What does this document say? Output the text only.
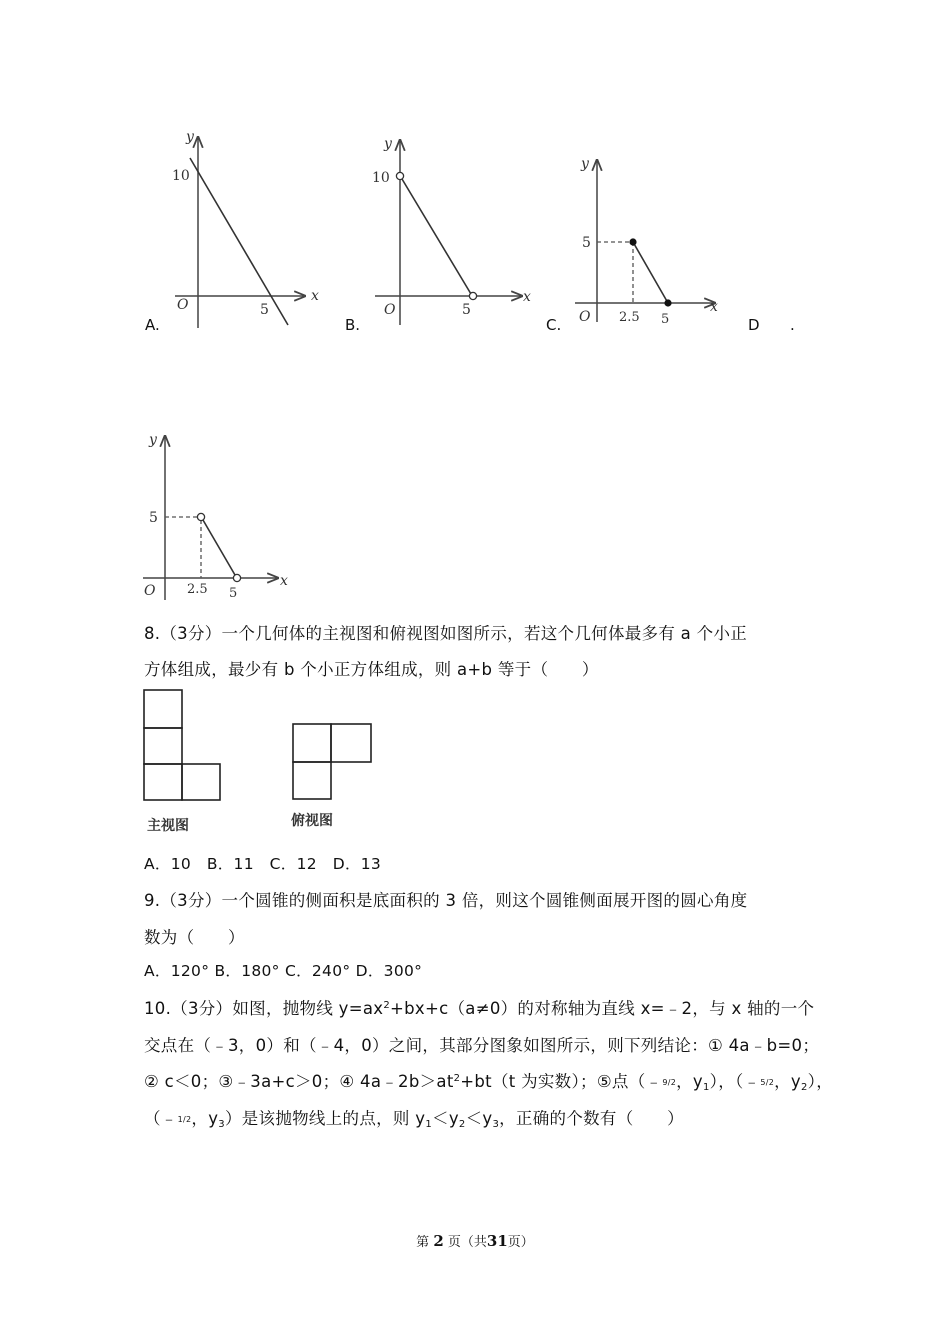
y
x
O
10
5
A.
y
x
O
10
5
B.
y
x
O
5
2.5 5
C.	D .
y
x
O
5
2.5 5
8.（3分）一个几何体的主视图和俯视图如图所示，若这个几何体最多有 a 个小正
方体组成，最少有 b 个小正方体组成，则 a+b 等于（　　）
主视图	俯视图
A．10　B．11　C．12　D．13
9.（3分）一个圆锥的侧面积是底面积的 3 倍，则这个圆锥侧面展开图的圆心角度
数为（　　）
A．120° B．180° C．240° D．300°
10.（3分）如图，抛物线 $y=ax^2+bx+c(a\ne 0)$的对称轴为直线 x=﹣2，与 x 轴的一个
交点在（﹣3，0）和（﹣4，0）之间，其部分图象如图所示，则下列结论：① 4a﹣b=0；
② c＜0；③﹣3a+c＞0；④ $4a﹣2b>at^2+bt(t$ 为实数）；⑤点（﹣9/2，$y_1$），（﹣5/2，$y_2$），
（﹣1/2，$y_3$）是该抛物线上的点，则 $y_1<y_2<y_3$，正确的个数有（　　）
第 2 页（共31页）
